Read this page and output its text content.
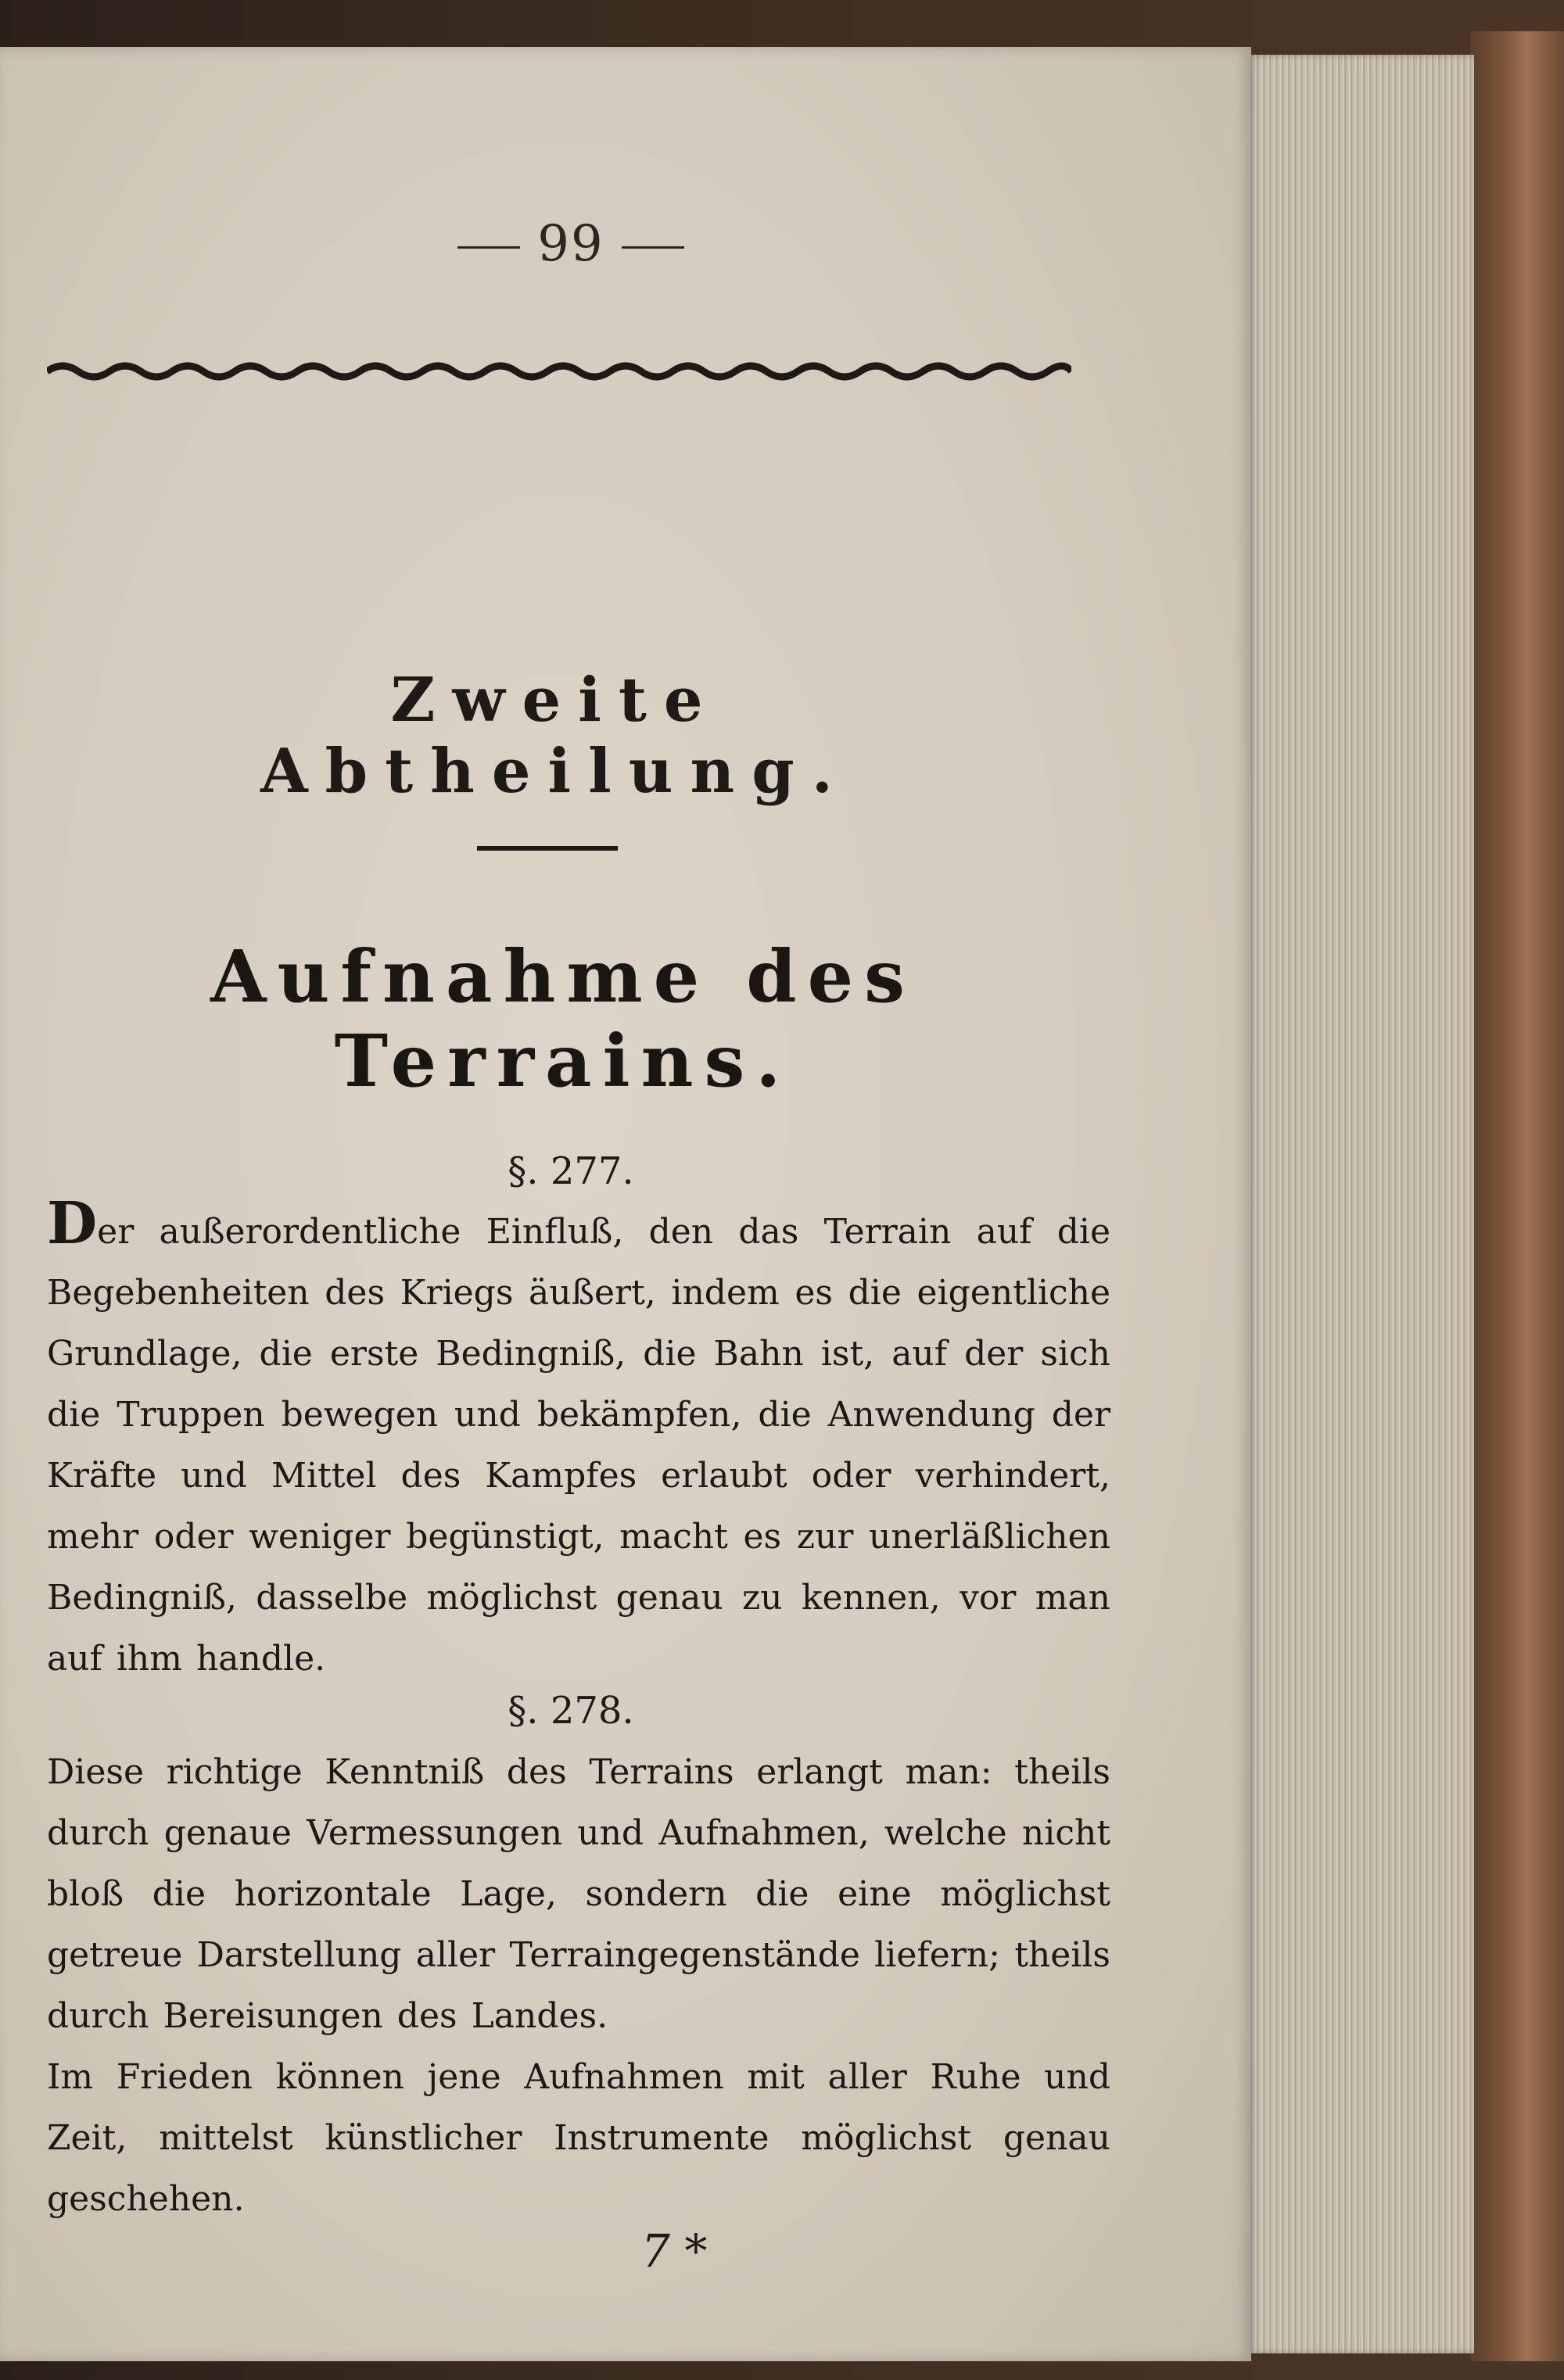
99
Zweite Abtheilung.
Aufnahme des Terrains.
§. 277.

Der außerordentliche Einfluß, den das Terrain auf die Begebenheiten des Kriegs äußert, indem es die eigentliche Grundlage, die erste Bedingniß, die Bahn ist, auf der sich die Truppen bewegen und bekämpfen, die Anwendung der Kräfte und Mittel des Kampfes erlaubt oder verhindert, mehr oder weniger begünstigt, macht es zur unerläßlichen Bedingniß, dasselbe möglichst genau zu kennen, vor man auf ihm handle.

§. 278.

Diese richtige Kenntniß des Terrains erlangt man: theils durch genaue Vermessungen und Aufnahmen, welche nicht bloß die horizontale Lage, sondern die eine möglichst getreue Darstellung aller Terraingegenstände liefern; theils durch Bereisungen des Landes.

Im Frieden können jene Aufnahmen mit aller Ruhe und Zeit, mittelst künstlicher Instrumente möglichst genau geschehen.

7 *
